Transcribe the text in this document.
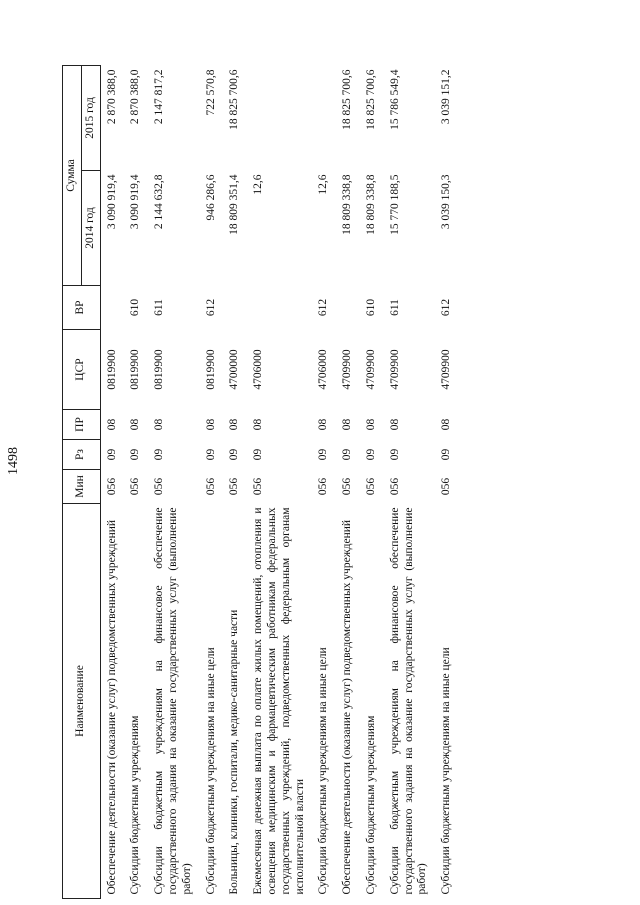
1498
Наименование	Мин	Рз	ПР	ЦСР	ВР	Сумма	
						2014 год	2015 год
Обеспечение деятельности (оказание услуг) подведомственных учреждений	056	09	08	0819900		3 090 919,4	2 870 388,0
Субсидии бюджетным учреждениям	056	09	08	0819900	610	3 090 919,4	2 870 388,0
Субсидии бюджетным учреждениям на финансовое обеспечение государственного задания на оказание государственных услуг (выполнение работ)	056	09	08	0819900	611	2 144 632,8	2 147 817,2
Субсидии бюджетным учреждениям на иные цели	056	09	08	0819900	612	946 286,6	722 570,8
Больницы, клиники, госпитали, медико-санитарные части	056	09	08	4700000		18 809 351,4	18 825 700,6
Ежемесячная денежная выплата по оплате жилых помещений, отопления и освещения медицинским и фармацевтическим работникам федеральных государственных учреждений, подведомственных федеральным органам исполнительной власти	056	09	08	4706000		12,6	
Субсидии бюджетным учреждениям на иные цели	056	09	08	4706000	612	12,6	
Обеспечение деятельности (оказание услуг) подведомственных учреждений	056	09	08	4709900		18 809 338,8	18 825 700,6
Субсидии бюджетным учреждениям	056	09	08	4709900	610	18 809 338,8	18 825 700,6
Субсидии бюджетным учреждениям на финансовое обеспечение государственного задания на оказание государственных услуг (выполнение работ)	056	09	08	4709900	611	15 770 188,5	15 786 549,4
Субсидии бюджетным учреждениям на иные цели	056	09	08	4709900	612	3 039 150,3	3 039 151,2
